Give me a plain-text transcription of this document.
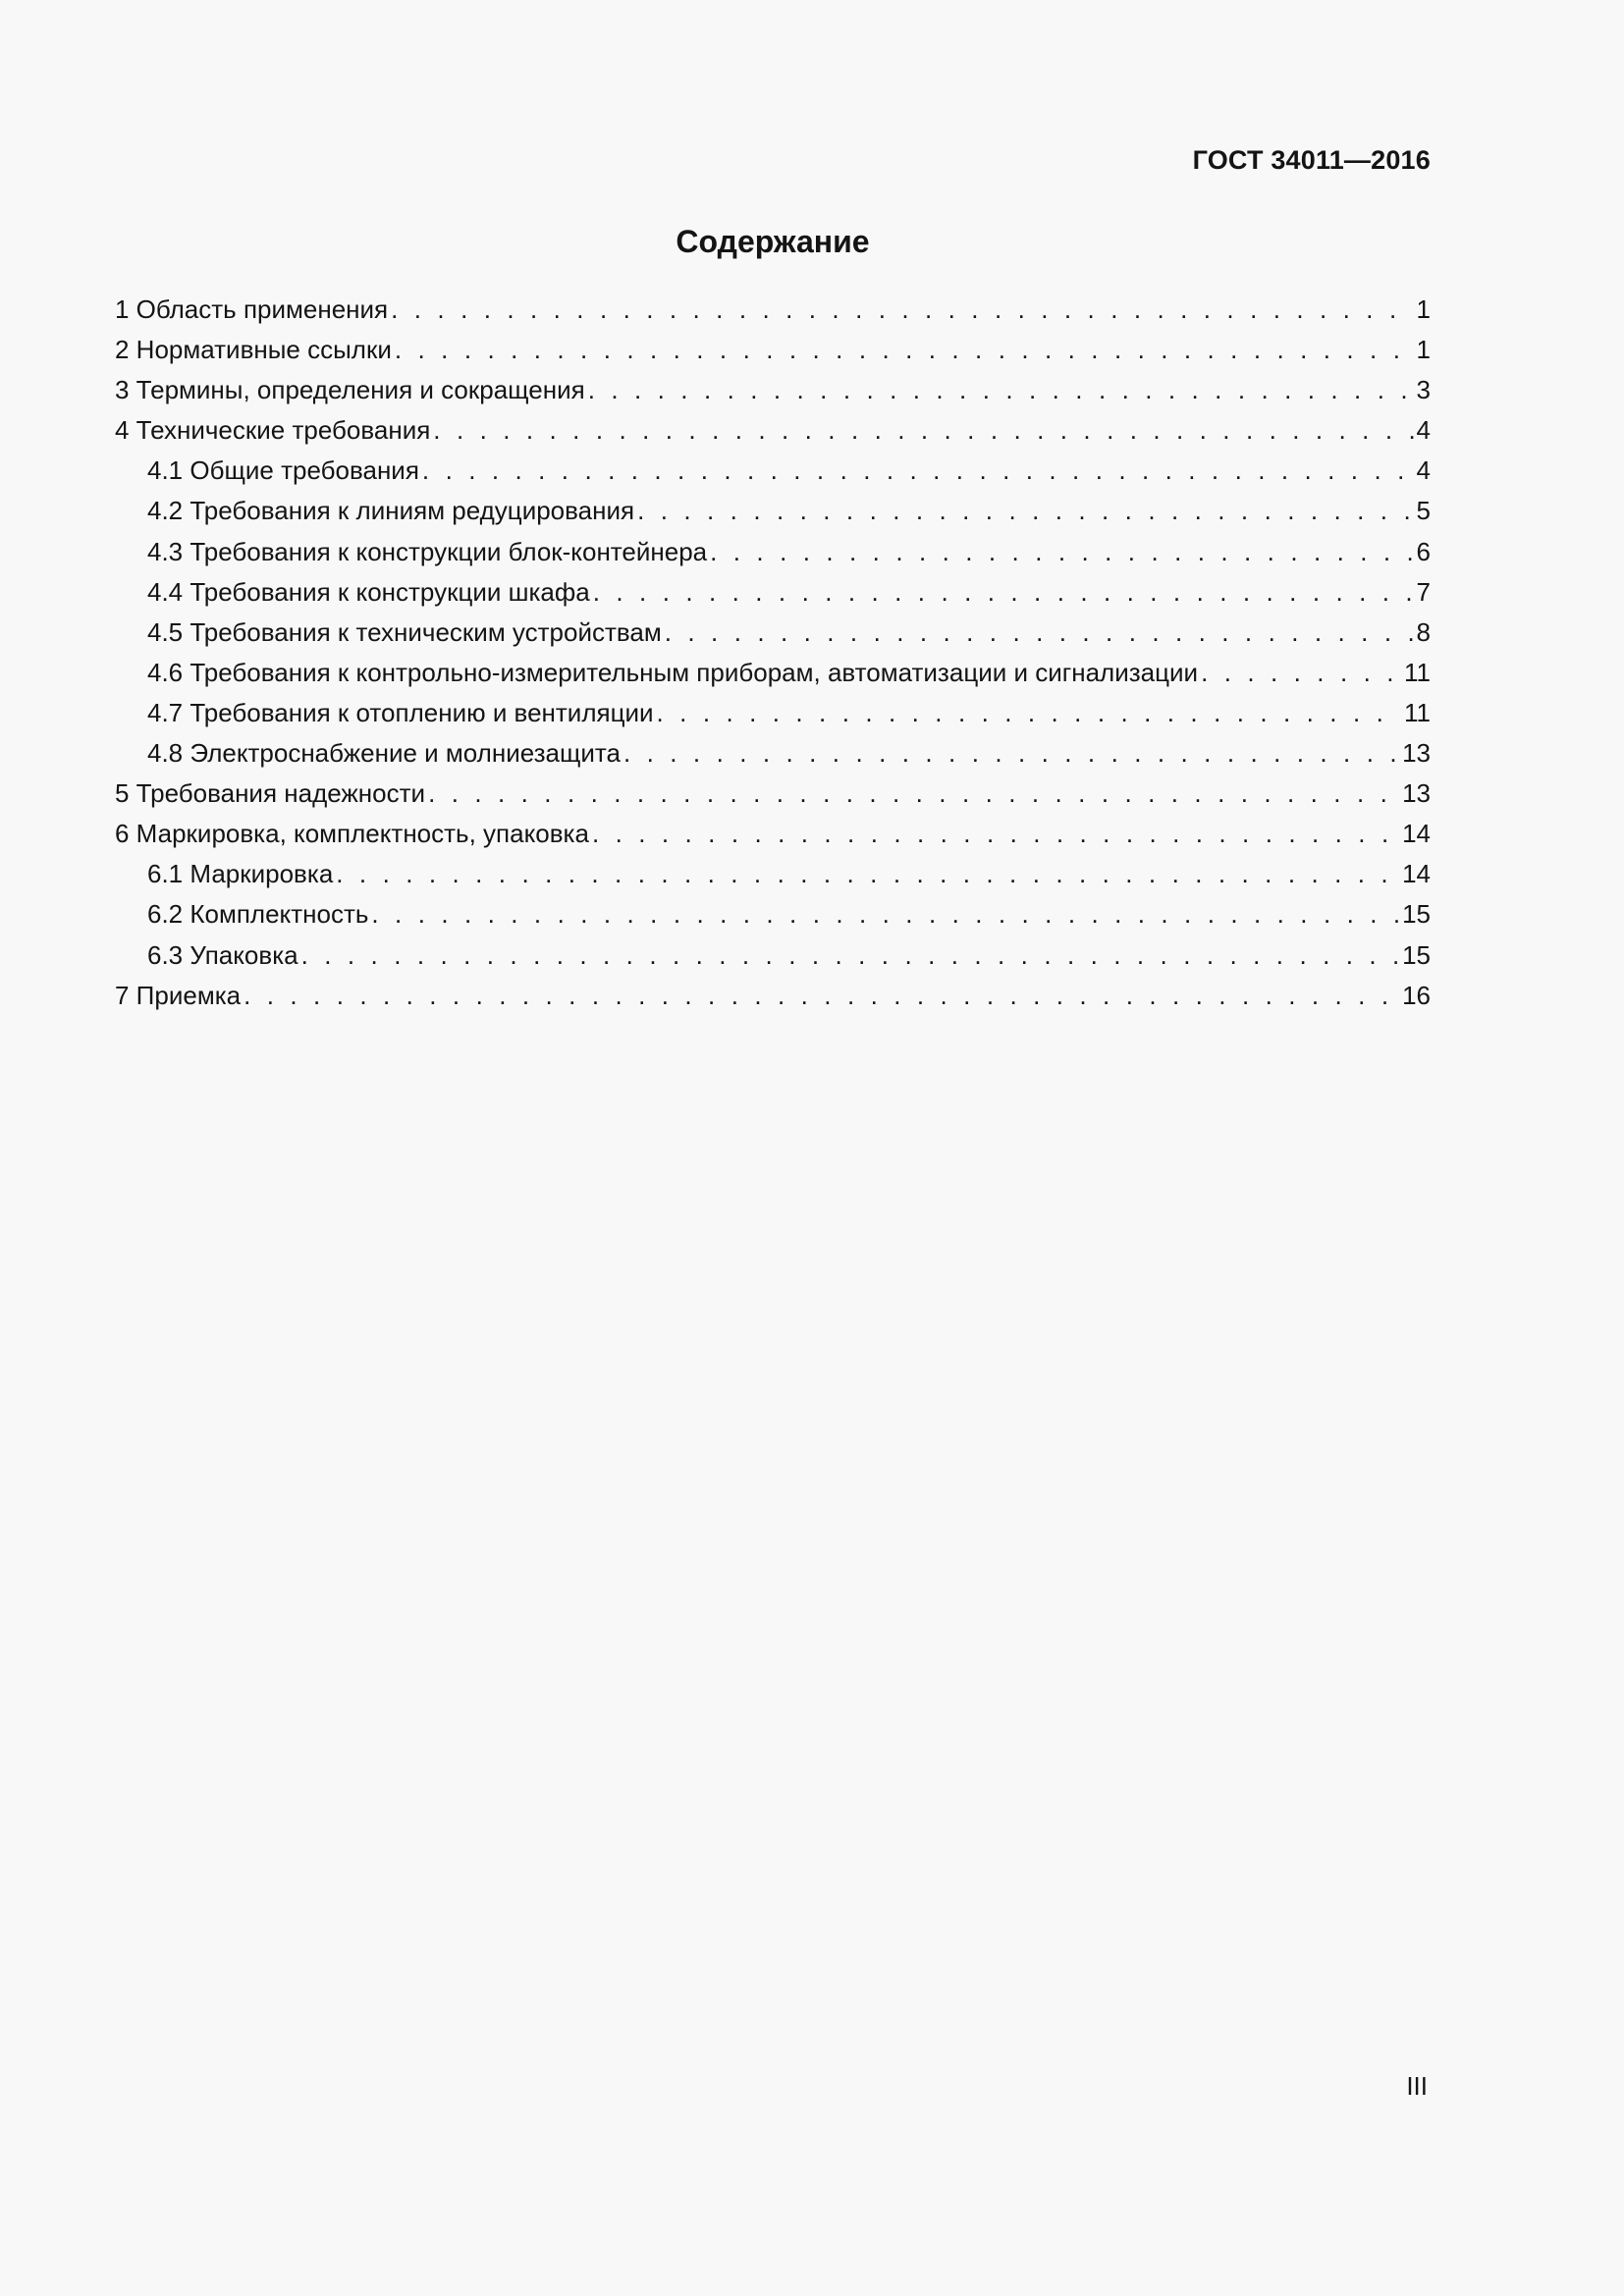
ГОСТ 34011—2016
Содержание
1 Область применения . . .	1
2 Нормативные ссылки . . .	1
3 Термины, определения и сокращения . . .	3
4 Технические требования . . .	4
4.1 Общие требования . . .	4
4.2 Требования к линиям редуцирования . . .	5
4.3 Требования к конструкции блок-контейнера . . .	6
4.4 Требования к конструкции шкафа . . .	7
4.5 Требования к техническим устройствам . . .	8
4.6 Требования к контрольно-измерительным приборам, автоматизации и сигнализации . . .	11
4.7 Требования к отоплению и вентиляции . . .	11
4.8 Электроснабжение и молниезащита . . .	13
5 Требования надежности . . .	13
6 Маркировка, комплектность, упаковка . . .	14
6.1 Маркировка . . .	14
6.2 Комплектность . . .	15
6.3 Упаковка . . .	15
7 Приемка . . .	16
III
